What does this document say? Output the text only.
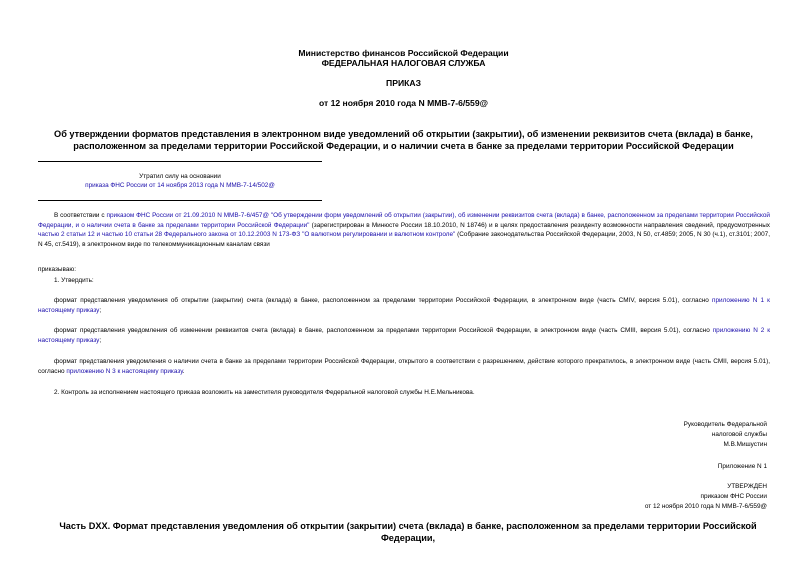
Министерство финансов Российской Федерации
ФЕДЕРАЛЬНАЯ НАЛОГОВАЯ СЛУЖБА
ПРИКАЗ
от 12 ноября 2010 года N ММВ-7-6/559@
Об утверждении форматов представления в электронном виде уведомлений об открытии (закрытии), об изменении реквизитов счета (вклада) в банке, расположенном за пределами территории Российской Федерации, и о наличии счета в банке за пределами территории Российской Федерации
Утратил силу на основании
приказа ФНС России от 14 ноября 2013 года N ММВ-7-14/502@
В соответствии с приказом ФНС России от 21.09.2010 N ММВ-7-6/457@ "Об утверждении форм уведомлений об открытии (закрытии), об изменении реквизитов счета (вклада) в банке, расположенном за пределами территории Российской Федерации, и о наличии счета в банке за пределами территории Российской Федерации" (зарегистрирован в Минюсте России 18.10.2010, N 18746) и в целях предоставления резиденту возможности направления сведений, предусмотренных частью 2 статьи 12 и частью 10 статьи 28 Федерального закона от 10.12.2003 N 173-ФЗ "О валютном регулировании и валютном контроле" (Собрание законодательства Российской Федерации, 2003, N 50, ст.4859; 2005, N 30 (ч.1), ст.3101; 2007, N 45, ст.5419), в электронном виде по телекоммуникационным каналам связи
приказываю:
1. Утвердить:
формат представления уведомления об открытии (закрытии) счета (вклада) в банке, расположенном за пределами территории Российской Федерации, в электронном виде (часть CMIV, версия 5.01), согласно приложению N 1 к настоящему приказу;
формат представления уведомления об изменении реквизитов счета (вклада) в банке, расположенном за пределами территории Российской Федерации, в электронном виде (часть CMIII, версия 5.01), согласно приложению N 2 к настоящему приказу;
формат представления уведомления о наличии счета в банке за пределами территории Российской Федерации, открытого в соответствии с разрешением, действие которого прекратилось, в электронном виде (часть CMII, версия 5.01), согласно приложению N 3 к настоящему приказу.
2. Контроль за исполнением настоящего приказа возложить на заместителя руководителя Федеральной налоговой службы Н.Е.Мельникова.
Руководитель Федеральной
налоговой службы
М.В.Мишустин
Приложение N 1
УТВЕРЖДЕН
приказом ФНС России
от 12 ноября 2010 года N ММВ-7-6/559@
Часть DXX. Формат представления уведомления об открытии (закрытии) счета (вклада) в банке, расположенном за пределами территории Российской Федерации,
